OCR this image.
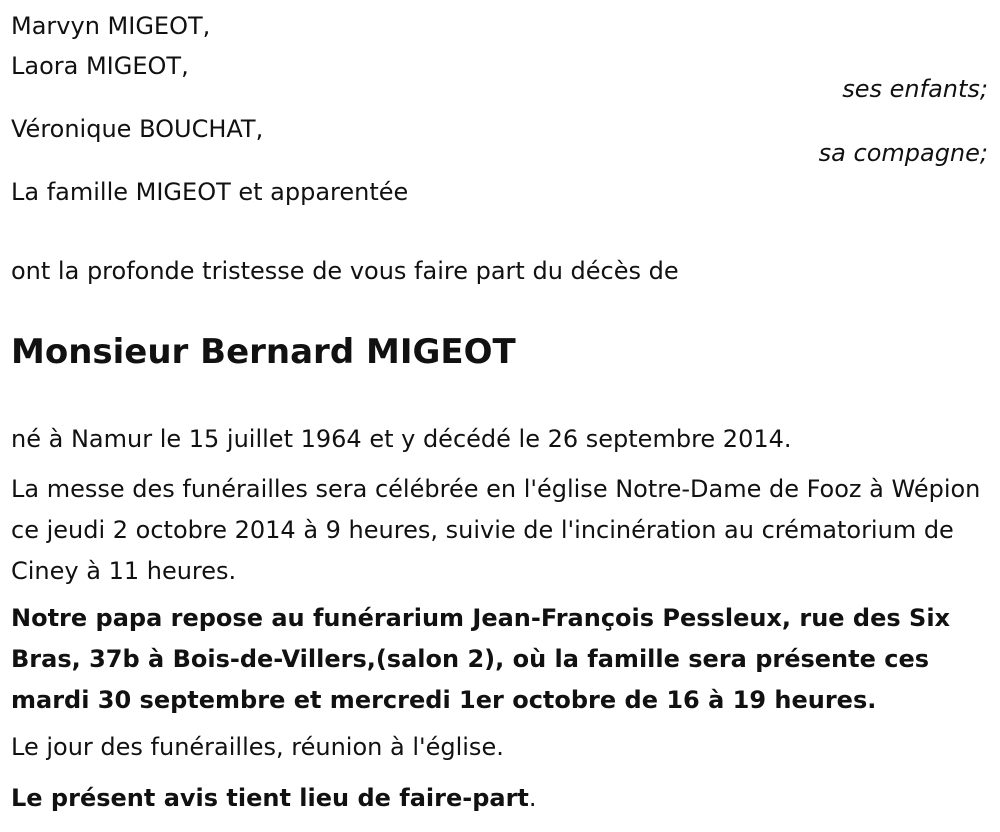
Marvyn MIGEOT,
Laora MIGEOT,
ses enfants;
Véronique BOUCHAT,
sa compagne;
La famille MIGEOT et apparentée
ont la profonde tristesse de vous faire part du décès de
Monsieur Bernard MIGEOT
né à Namur le 15 juillet 1964 et y décédé le 26 septembre 2014.
La messe des funérailles sera célébrée en l'église Notre-Dame de Fooz à Wépion ce jeudi 2 octobre 2014 à 9 heures, suivie de l'incinération au crématorium de Ciney à 11 heures.
Notre papa repose au funérarium Jean-François Pessleux, rue des Six Bras, 37b à Bois-de-Villers,(salon 2), où la famille sera présente ces mardi 30 septembre et mercredi 1er octobre de 16 à 19 heures.
Le jour des funérailles, réunion à l'église.
Le présent avis tient lieu de faire-part.
